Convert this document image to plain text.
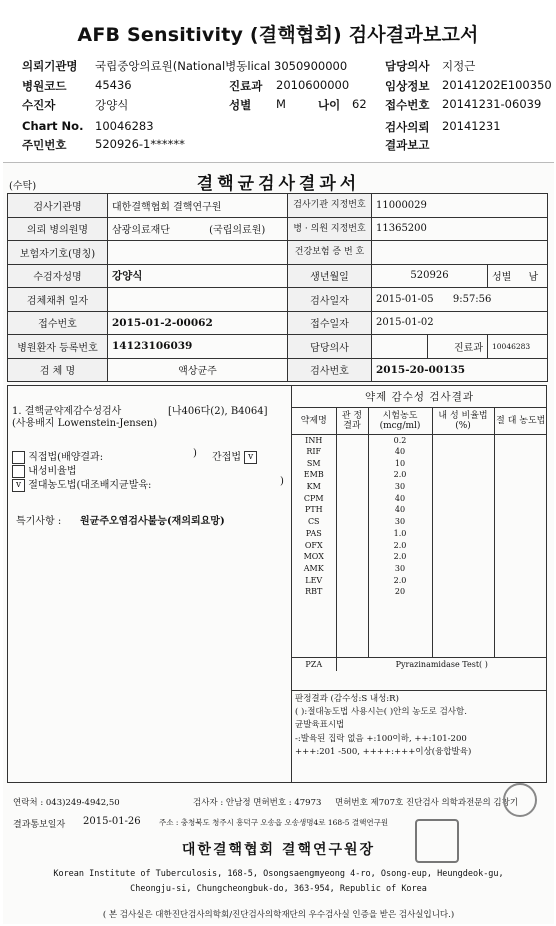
AFB Sensitivity (결핵협회) 검사결과보고서
의뢰기관명 국립중앙의료원(National병동lical 3050900000	담당의사 지정근
병원코드 45436	진료과 2010600000	임상정보 20141202E100350
수진자	강양식	성별 M	나이 62 접수번호 20141231-06039
Chart No. 10046283	검사의뢰 20141231
주민번호 520926-1******	결과보고
(수탁)	결핵균검사결과서
검사기관명	대한결핵협회 결핵연구원	검사기관 지정번호	11000029		
의뢰 병의원명	삼광의료재단 (국립의료원)	병 · 의원 지정번호	11365200		
보험자기호(명칭)		건강보험 증 번 호			
수검자성명	강양식	생년월일	520926		성별 남
검체채취 일자		검사일자	2015-01-05 9:57:56		
접수번호	2015-01-2-00062	접수일자	2015-01-02		
병원환자 등록번호	14123106039	담당의사		진료과	10046283
검 체 명	액상균주	검사번호	2015-20-00135		
1. 결핵균약제감수성검사	[나406다(2), B4064]
(사용배지 Lowenstein-Jensen)
직접법(배양결과:	) 간접법 v
내성비율법
v 절대농도법(대조배지균발육:	)
특기사항 : 원균주오염검사불능(재의뢰요망)
약제 감수성 검사결과
약제명	관 정 결과	시험농도 (mcg/ml)	내 성 비율법(%)	절 대 농도법
INH		0.2		
RIF		40		
SM		10		
EMB		2.0		
KM		30		
CPM		40		
PTH		40		
CS		30		
PAS		1.0		
OFX		2.0		
MOX		2.0		
AMK		30		
LEV		2.0		
RBT		20		

PZA	Pyrazinamidase Test( )			
판정결과 (감수성:S 내성:R)
( ):절대농도법 사용시는( )안의 농도로 검사함.
균발육표시법
-:발육된 집락 없음 +:100이하, ++:101-200
+++:201 -500, ++++:+++이상(융합발육)
연락처 : 043)249-4942,50	검사자 : 안남정 면허번호 : 47973 면허번호 제707호 진단검사 의학과전문의 김창기
결과통보일자 2015-01-26 주소 : 충청북도 청주시 흥덕구 오송읍 오송생명4로 168-5 결핵연구원
대한결핵협회 결핵연구원장
Korean Institute of Tuberculosis, 168-5, Osongsaengmyeong 4-ro, Osong-eup, Heungdeok-gu,
Cheongju-si, Chungcheongbuk-do, 363-954, Republic of Korea
( 본 검사실은 대한진단검사의학회/진단검사의학재단의 우수검사실 인증을 받은 검사실입니다.)
